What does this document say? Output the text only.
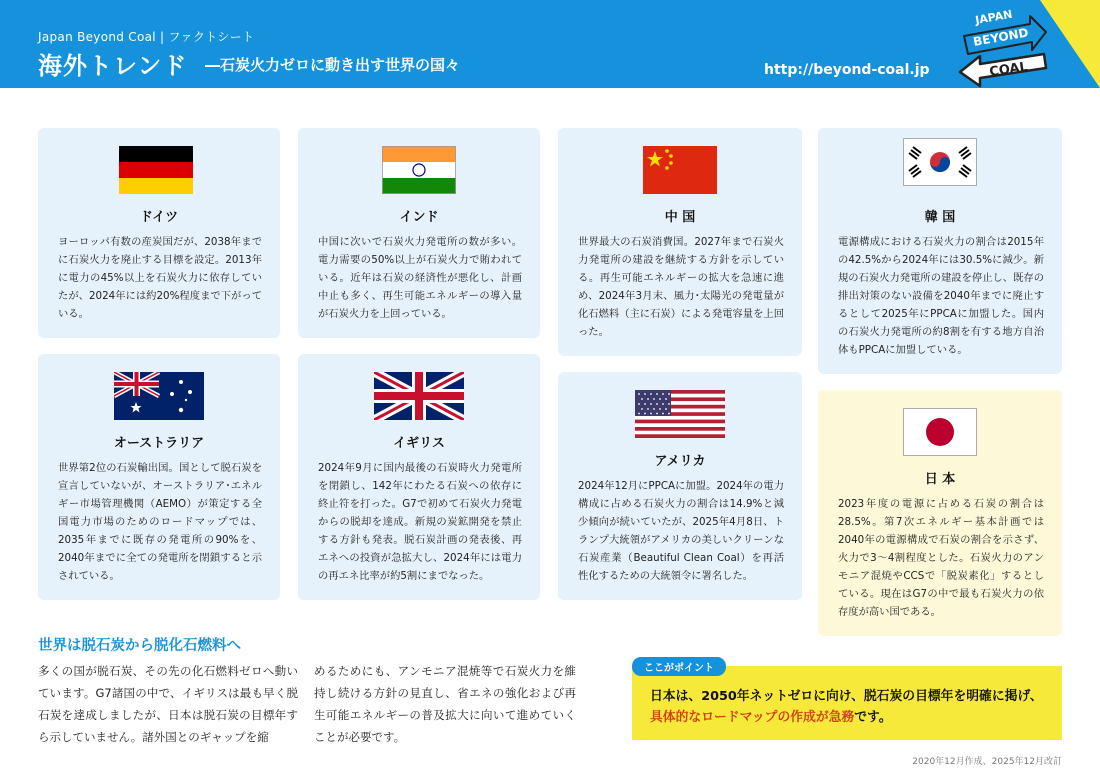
Japan Beyond Coal | ファクトシート
海外トレンド ―石炭火力ゼロに動き出す世界の国々	http://beyond-coal.jp
JAPAN
BEYOND
COAL
ドイツ
ヨーロッパ有数の産炭国だが、2038年までに石炭火力を廃止する目標を設定。2013年に電力の45%以上を石炭火力に依存していたが、2024年には約20%程度まで下がっている。
インド
中国に次いで石炭火力発電所の数が多い。電力需要の50%以上が石炭火力で賄われている。近年は石炭の経済性が悪化し、計画中止も多く、再生可能エネルギーの導入量が石炭火力を上回っている。
中 国
世界最大の石炭消費国。2027年まで石炭火力発電所の建設を継続する方針を示している。再生可能エネルギーの拡大を急速に進め、2024年3月末、風力･太陽光の発電量が化石燃料（主に石炭）による発電容量を上回った。
韓 国
電源構成における石炭火力の割合は2015年の42.5%から2024年には30.5%に減少。新規の石炭火力発電所の建設を停止し、既存の排出対策のない設備を2040年までに廃止するとして2025年にPPCAに加盟した。国内の石炭火力発電所の約8割を有する地方自治体もPPCAに加盟している。
オーストラリア
世界第2位の石炭輸出国。国として脱石炭を宣言していないが、オーストラリア･エネルギー市場管理機関（AEMO）が策定する全国電力市場のためのロードマップでは、2035年までに既存の発電所の90%を、2040年までに全ての発電所を閉鎖すると示されている。
イギリス
2024年9月に国内最後の石炭時火力発電所を閉鎖し、142年にわたる石炭への依存に終止符を打った。G7で初めて石炭火力発電からの脱却を達成。新規の炭鉱開発を禁止する方針も発表。脱石炭計画の発表後、再エネへの投資が急拡大し、2024年には電力の再エネ比率が約5割にまでなった。
アメリカ
2024年12月にPPCAに加盟。2024年の電力構成に占める石炭火力の割合は14.9%と減少傾向が続いていたが、2025年4月8日、トランプ大統領がアメリカの美しいクリーンな石炭産業（Beautiful Clean Coal）を再活性化するための大統領令に署名した。
日 本
2023年度の電源に占める石炭の割合は28.5%。第7次エネルギー基本計画では2040年の電源構成で石炭の割合を示さず、火力で3～4割程度とした。石炭火力のアンモニア混焼やCCSで「脱炭素化」するとしている。現在はG7の中で最も石炭火力の依存度が高い国である。
世界は脱石炭から脱化石燃料へ
多くの国が脱石炭、その先の化石燃料ゼロへ動いています。G7諸国の中で、イギリスは最も早く脱石炭を達成しましたが、日本は脱石炭の目標年すら示していません。諸外国とのギャップを縮
めるためにも、アンモニア混焼等で石炭火力を維持し続ける方針の見直し、省エネの強化および再生可能エネルギーの普及拡大に向いて進めていくことが必要です。
日本は、2050年ネットゼロに向け、脱石炭の目標年を明確に掲げ、
具体的なロードマップの作成が急務です。
ここがポイント
2020年12月作成、2025年12月改訂
